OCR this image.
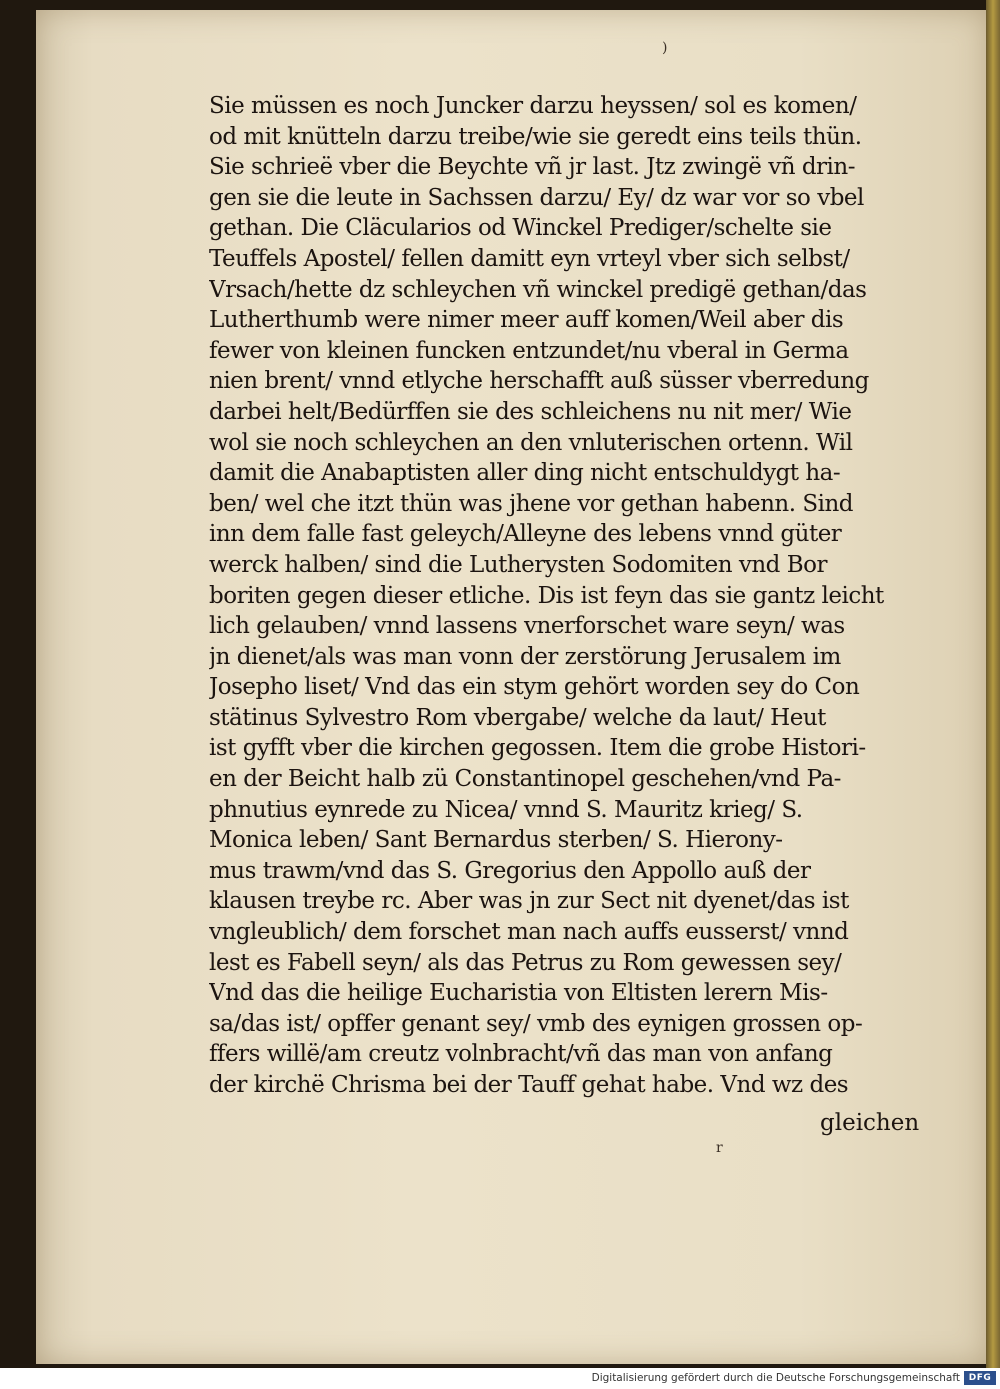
)
Sie müssen es noch Juncker darzu heyssen/ sol es komen/
od mit knütteln darzu treibe/wie sie geredt eins teils thün.
Sie schrieë vber die Beychte vñ jr last. Jtz zwingë vñ drin-
gen sie die leute in Sachssen darzu/ Ey/ dz war vor so vbel
gethan. Die Cläcularios od Winckel Prediger/schelte sie
Teuffels Apostel/ fellen damitt eyn vrteyl vber sich selbst/
Vrsach/hette dz schleychen vñ winckel predigë gethan/das
Lutherthumb were nimer meer auff komen/Weil aber dis
fewer von kleinen funcken entzundet/nu vberal in Germa
nien brent/ vnnd etlyche herschafft auß süsser vberredung
darbei helt/Bedürffen sie des schleichens nu nit mer/ Wie
wol sie noch schleychen an den vnluterischen ortenn. Wil
damit die Anabaptisten aller ding nicht entschuldygt ha-
ben/ wel che itzt thün was jhene vor gethan habenn. Sind
inn dem falle fast geleych/Alleyne des lebens vnnd güter
werck halben/ sind die Lutherysten Sodomiten vnd Bor
boriten gegen dieser etliche. Dis ist feyn das sie gantz leicht
lich gelauben/ vnnd lassens vnerforschet ware seyn/ was
jn dienet/als was man vonn der zerstörung Jerusalem im
Josepho liset/ Vnd das ein stym gehört worden sey do Con
stätinus Sylvestro Rom vbergabe/ welche da laut/ Heut
ist gyfft vber die kirchen gegossen. Item die grobe Histori-
en der Beicht halb zü Constantinopel geschehen/vnd Pa-
phnutius eynrede zu Nicea/ vnnd S. Mauritz krieg/ S.
Monica leben/ Sant Bernardus sterben/ S. Hierony-
mus trawm/vnd das S. Gregorius den Appollo auß der
klausen treybe rc. Aber was jn zur Sect nit dyenet/das ist
vngleublich/ dem forschet man nach auffs eusserst/ vnnd
lest es Fabell seyn/ als das Petrus zu Rom gewessen sey/
Vnd das die heilige Eucharistia von Eltisten lerern Mis-
sa/das ist/ opffer genant sey/ vmb des eynigen grossen op-
ffers willë/am creutz volnbracht/vñ das man von anfang
der kirchë Chrisma bei der Tauff gehat habe. Vnd wz des
gleichen
r
Digitalisierung gefördert durch die Deutsche Forschungsgemeinschaft DFG
